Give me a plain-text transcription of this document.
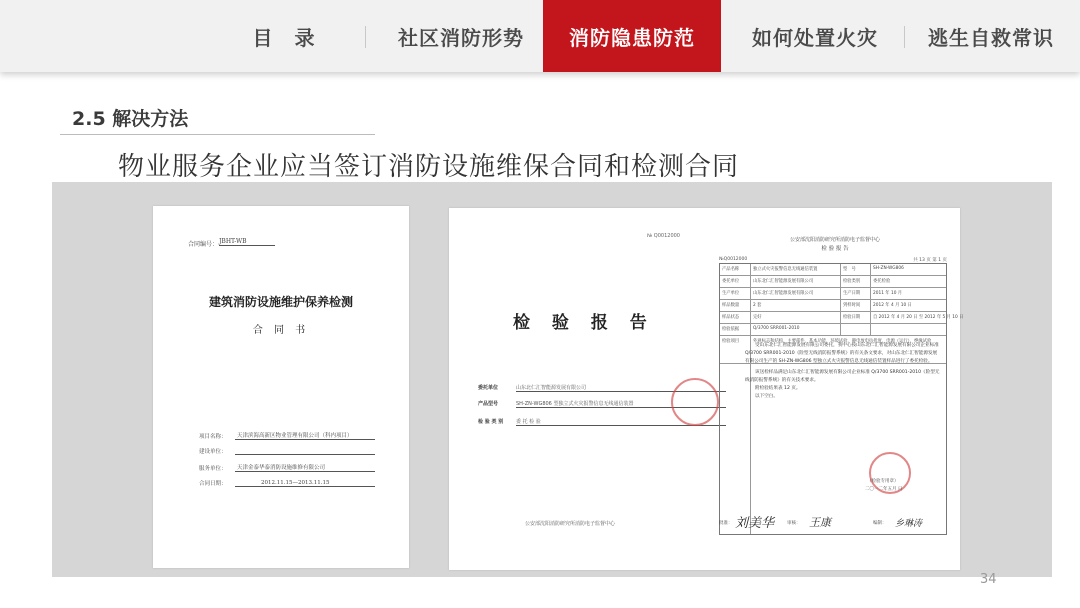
目　录	社区消防形势	消防隐患防范	如何处置火灾	逃生自救常识
2.5 解决方法
物业服务企业应当签订消防设施维保合同和检测合同
合同编号： JBHT-WB
建筑消防设施维护保养检测
合 同 书
项目名称：	天津滨海高新区物业管理有限公司（科内项目）
建设单位：
服务单位：	天津金泰华泰消防设施维修有限公司
合同日期：	2012.11.15—2013.11.15
№ Q0012000
检 验 报 告
委托单位	山东北仁汇智能源发展有限公司
产品型号	SH-ZN-WG806 型独立式火灾报警信息无线通信装置
检 验 类 别	委 托 检 验
公安部沈阳消防研究所消防电子监督中心
公安部沈阳消防研究所消防电子监督中心
检 验 报 告
№Q0012000	共 13 页 第 1 页
产品名称	独立式火灾报警信息无线通信装置	型　号	SH-ZN-WG806
委托单位	山东北仁汇智能源发展有限公司	检验类别	委托检验
生产单位	山东北仁汇智能源发展有限公司	生产日期	2011 年 10 月
样品数量	2 套	到样时间	2012 年 4 月 10 日
样品状态	完好	检验日期	自 2012 年 4 月 20 日 至 2012 年 5 月 10 日
检验依据	Q/3700 SRR001-2010
检验项目	外观标志和结构、主要部件、基本功能、环境试验、静电放电抗扰度、电源（运行）、绝缘试验

受山东北仁汇智能源发展有限公司委托，我中心按山东北仁汇智能源发展有限公司企业标准 Q/3700 SRR001-2010《险型无线消防报警系统》的有关条文要求，对山东北仁汇智能源发展有限公司生产的 SH-ZN-WG806 型独立式火灾报警信息无线通信装置样品进行了委托检验。

该送检样品满足山东北仁汇智能源发展有限公司企业标准 Q/3700 SRR001-2010《险型无线消防报警系统》的有关技术要求。

附检验结果表 12 页。

以下空白。

（检验专用章）
二〇一二年五月 日
批准：	审核：	编制：
刘美华	王康	乡琳涛
34
